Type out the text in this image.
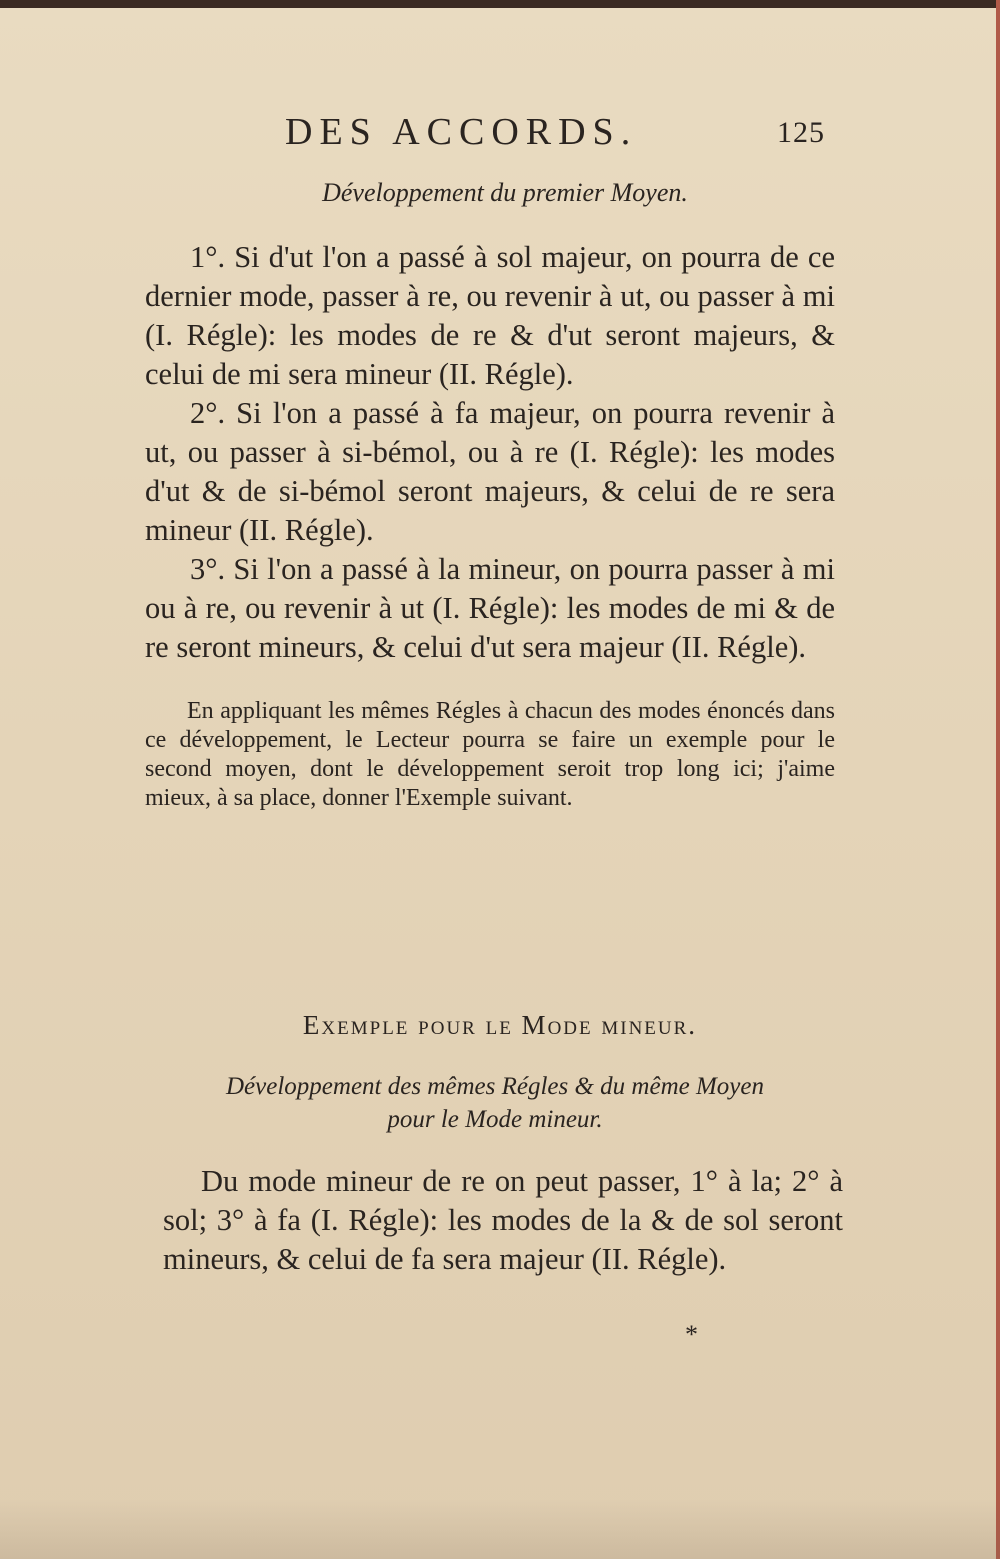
DES ACCORDS.	125
Développement du premier Moyen.

1°. Si d'ut l'on a passé à sol majeur, on pourra de ce dernier mode, passer à re, ou revenir à ut, ou passer à mi (I. Régle): les modes de re & d'ut seront majeurs, & celui de mi sera mineur (II. Régle).

2°. Si l'on a passé à fa majeur, on pourra revenir à ut, ou passer à si-bémol, ou à re (I. Régle): les modes d'ut & de si-bémol seront majeurs, & celui de re sera mineur (II. Régle).

3°. Si l'on a passé à la mineur, on pourra passer à mi ou à re, ou revenir à ut (I. Régle): les modes de mi & de re seront mineurs, & celui d'ut sera majeur (II. Régle).

En appliquant les mêmes Régles à chacun des modes énoncés dans ce développement, le Lecteur pourra se faire un exemple pour le second moyen, dont le développement seroit trop long ici; j'aime mieux, à sa place, donner l'Exemple suivant.

Exemple pour le Mode mineur.
Développement des mêmes Régles & du même Moyen
pour le Mode mineur.

Du mode mineur de re on peut passer, 1° à la; 2° à sol; 3° à fa (I. Régle): les modes de la & de sol seront mineurs, & celui de fa sera majeur (II. Régle).

*
